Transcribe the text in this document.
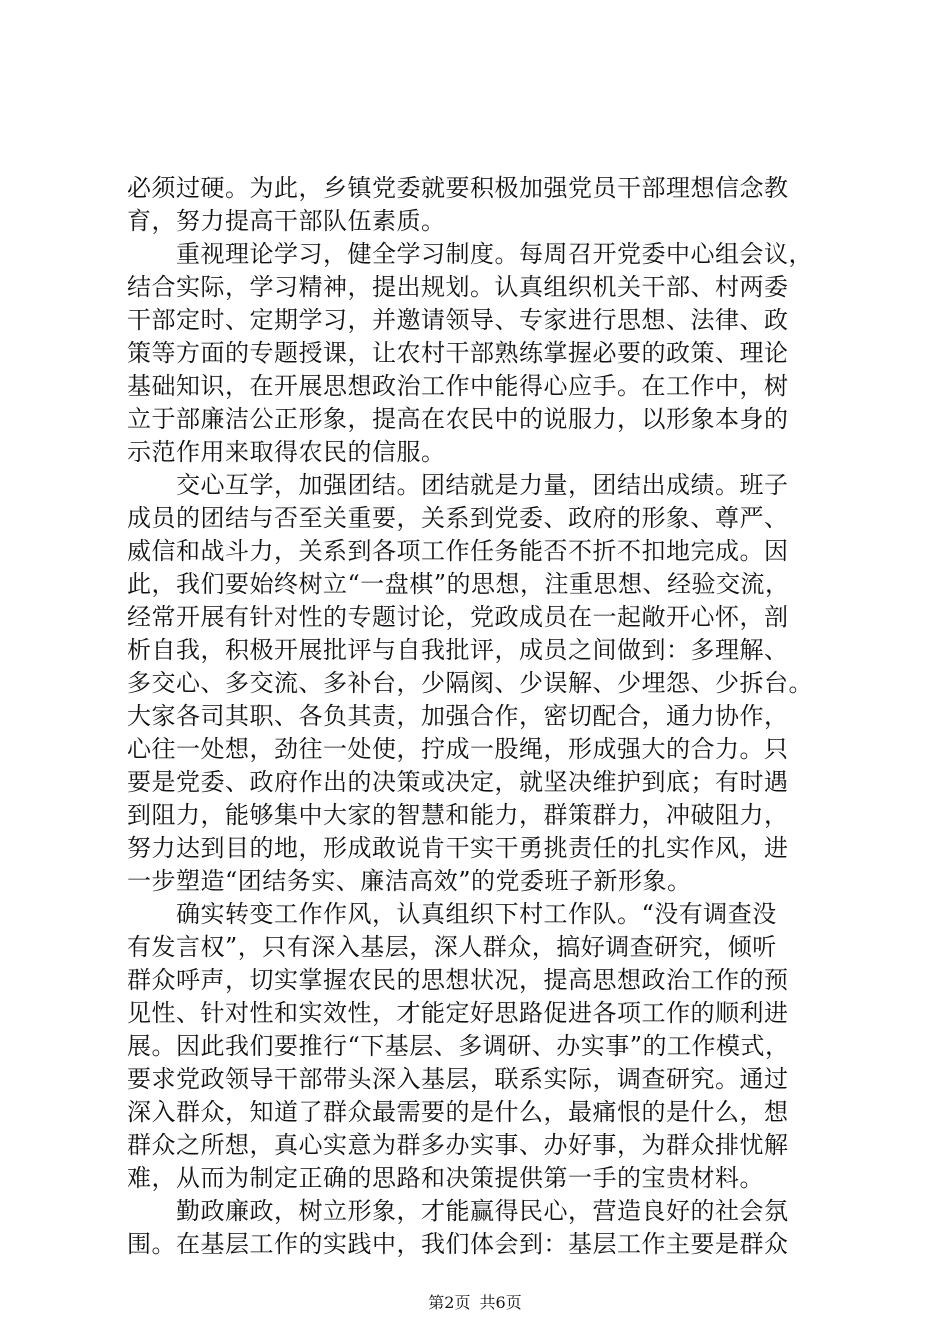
必须过硬。为此，乡镇党委就要积极加强党员干部理想信念教
育，努力提高干部队伍素质。
　　重视理论学习，健全学习制度。每周召开党委中心组会议，
结合实际，学习精神，提出规划。认真组织机关干部、村两委
干部定时、定期学习，并邀请领导、专家进行思想、法律、政
策等方面的专题授课，让农村干部熟练掌握必要的政策、理论
基础知识，在开展思想政治工作中能得心应手。在工作中，树
立于部廉洁公正形象，提高在农民中的说服力，以形象本身的
示范作用来取得农民的信服。
　　交心互学，加强团结。团结就是力量，团结出成绩。班子
成员的团结与否至关重要，关系到党委、政府的形象、尊严、
威信和战斗力，关系到各项工作任务能否不折不扣地完成。因
此，我们要始终树立“一盘棋”的思想，注重思想、经验交流，
经常开展有针对性的专题讨论，党政成员在一起敞开心怀，剖
析自我，积极开展批评与自我批评，成员之间做到：多理解、
多交心、多交流、多补台，少隔阂、少误解、少埋怨、少拆台。
大家各司其职、各负其责，加强合作，密切配合，通力协作，
心往一处想，劲往一处使，拧成一股绳，形成强大的合力。只
要是党委、政府作出的决策或决定，就坚决维护到底；有时遇
到阻力，能够集中大家的智慧和能力，群策群力，冲破阻力，
努力达到目的地，形成敢说肯干实干勇挑责任的扎实作风，进
一步塑造“团结务实、廉洁高效”的党委班子新形象。
　　确实转变工作作风，认真组织下村工作队。“没有调查没
有发言权”，只有深入基层，深人群众，搞好调查研究，倾听
群众呼声，切实掌握农民的思想状况，提高思想政治工作的预
见性、针对性和实效性，才能定好思路促进各项工作的顺利进
展。因此我们要推行“下基层、多调研、办实事”的工作模式，
要求党政领导干部带头深入基层，联系实际，调查研究。通过
深入群众，知道了群众最需要的是什么，最痛恨的是什么，想
群众之所想，真心实意为群多办实事、办好事，为群众排忧解
难，从而为制定正确的思路和决策提供第一手的宝贵材料。
　　勤政廉政，树立形象，才能赢得民心，营造良好的社会氛
围。在基层工作的实践中，我们体会到：基层工作主要是群众
第2页 共6页
